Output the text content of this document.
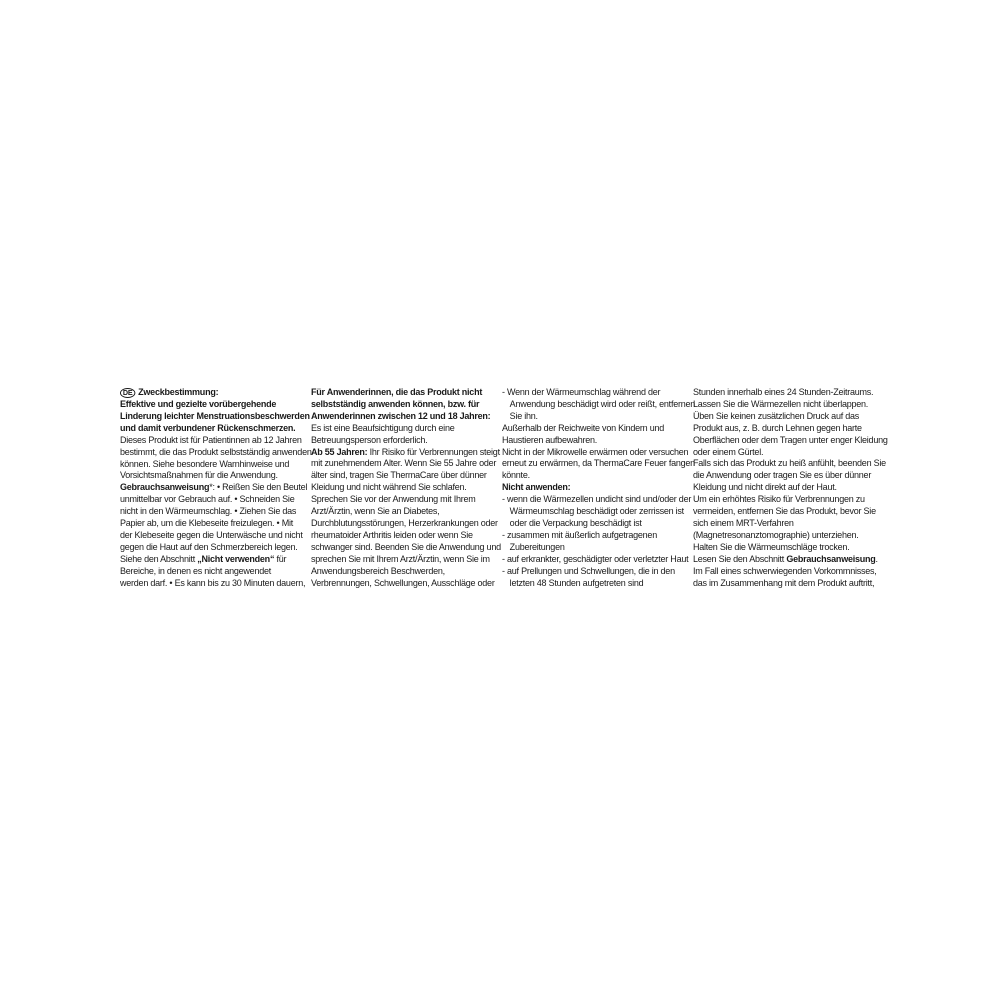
DE Zweckbestimmung:
Effektive und gezielte vorübergehende
Linderung leichter Menstruationsbeschwerden
und damit verbundener Rückenschmerzen.
Dieses Produkt ist für Patientinnen ab 12 Jahren
bestimmt, die das Produkt selbstständig anwenden
können. Siehe besondere Warnhinweise und
Vorsichtsmaßnahmen für die Anwendung.
Gebrauchsanweisung*: • Reißen Sie den Beutel
unmittelbar vor Gebrauch auf. • Schneiden Sie
nicht in den Wärmeumschlag. • Ziehen Sie das
Papier ab, um die Klebeseite freizulegen. • Mit
der Klebeseite gegen die Unterwäsche und nicht
gegen die Haut auf den Schmerzbereich legen.
Siehe den Abschnitt „Nicht verwenden“ für
Bereiche, in denen es nicht angewendet
werden darf. • Es kann bis zu 30 Minuten dauern,
Für Anwenderinnen, die das Produkt nicht
selbstständig anwenden können, bzw. für
Anwenderinnen zwischen 12 und 18 Jahren:
Es ist eine Beaufsichtigung durch eine
Betreuungsperson erforderlich.
Ab 55 Jahren: Ihr Risiko für Verbrennungen steigt
mit zunehmendem Alter. Wenn Sie 55 Jahre oder
älter sind, tragen Sie ThermaCare über dünner
Kleidung und nicht während Sie schlafen.
Sprechen Sie vor der Anwendung mit Ihrem
Arzt/Ärztin, wenn Sie an Diabetes,
Durchblutungsstörungen, Herzerkrankungen oder
rheumatoider Arthritis leiden oder wenn Sie
schwanger sind. Beenden Sie die Anwendung und
sprechen Sie mit Ihrem Arzt/Ärztin, wenn Sie im
Anwendungsbereich Beschwerden,
Verbrennungen, Schwellungen, Ausschläge oder
- Wenn der Wärmeumschlag während der
Anwendung beschädigt wird oder reißt, entfernen
Sie ihn.
Außerhalb der Reichweite von Kindern und
Haustieren aufbewahren.
Nicht in der Mikrowelle erwärmen oder versuchen
erneut zu erwärmen, da ThermaCare Feuer fangen
könnte.
Nicht anwenden:
- wenn die Wärmezellen undicht sind und/oder der
Wärmeumschlag beschädigt oder zerrissen ist
oder die Verpackung beschädigt ist
- zusammen mit äußerlich aufgetragenen
Zubereitungen
- auf erkrankter, geschädigter oder verletzter Haut
- auf Prellungen und Schwellungen, die in den
letzten 48 Stunden aufgetreten sind
Stunden innerhalb eines 24 Stunden-Zeitraums.
Lassen Sie die Wärmezellen nicht überlappen.
Üben Sie keinen zusätzlichen Druck auf das
Produkt aus, z. B. durch Lehnen gegen harte
Oberflächen oder dem Tragen unter enger Kleidung
oder einem Gürtel.
Falls sich das Produkt zu heiß anfühlt, beenden Sie
die Anwendung oder tragen Sie es über dünner
Kleidung und nicht direkt auf der Haut.
Um ein erhöhtes Risiko für Verbrennungen zu
vermeiden, entfernen Sie das Produkt, bevor Sie
sich einem MRT-Verfahren
(Magnetresonanztomographie) unterziehen.
Halten Sie die Wärmeumschläge trocken.
Lesen Sie den Abschnitt Gebrauchsanweisung.
Im Fall eines schwerwiegenden Vorkommnisses,
das im Zusammenhang mit dem Produkt auftritt,
